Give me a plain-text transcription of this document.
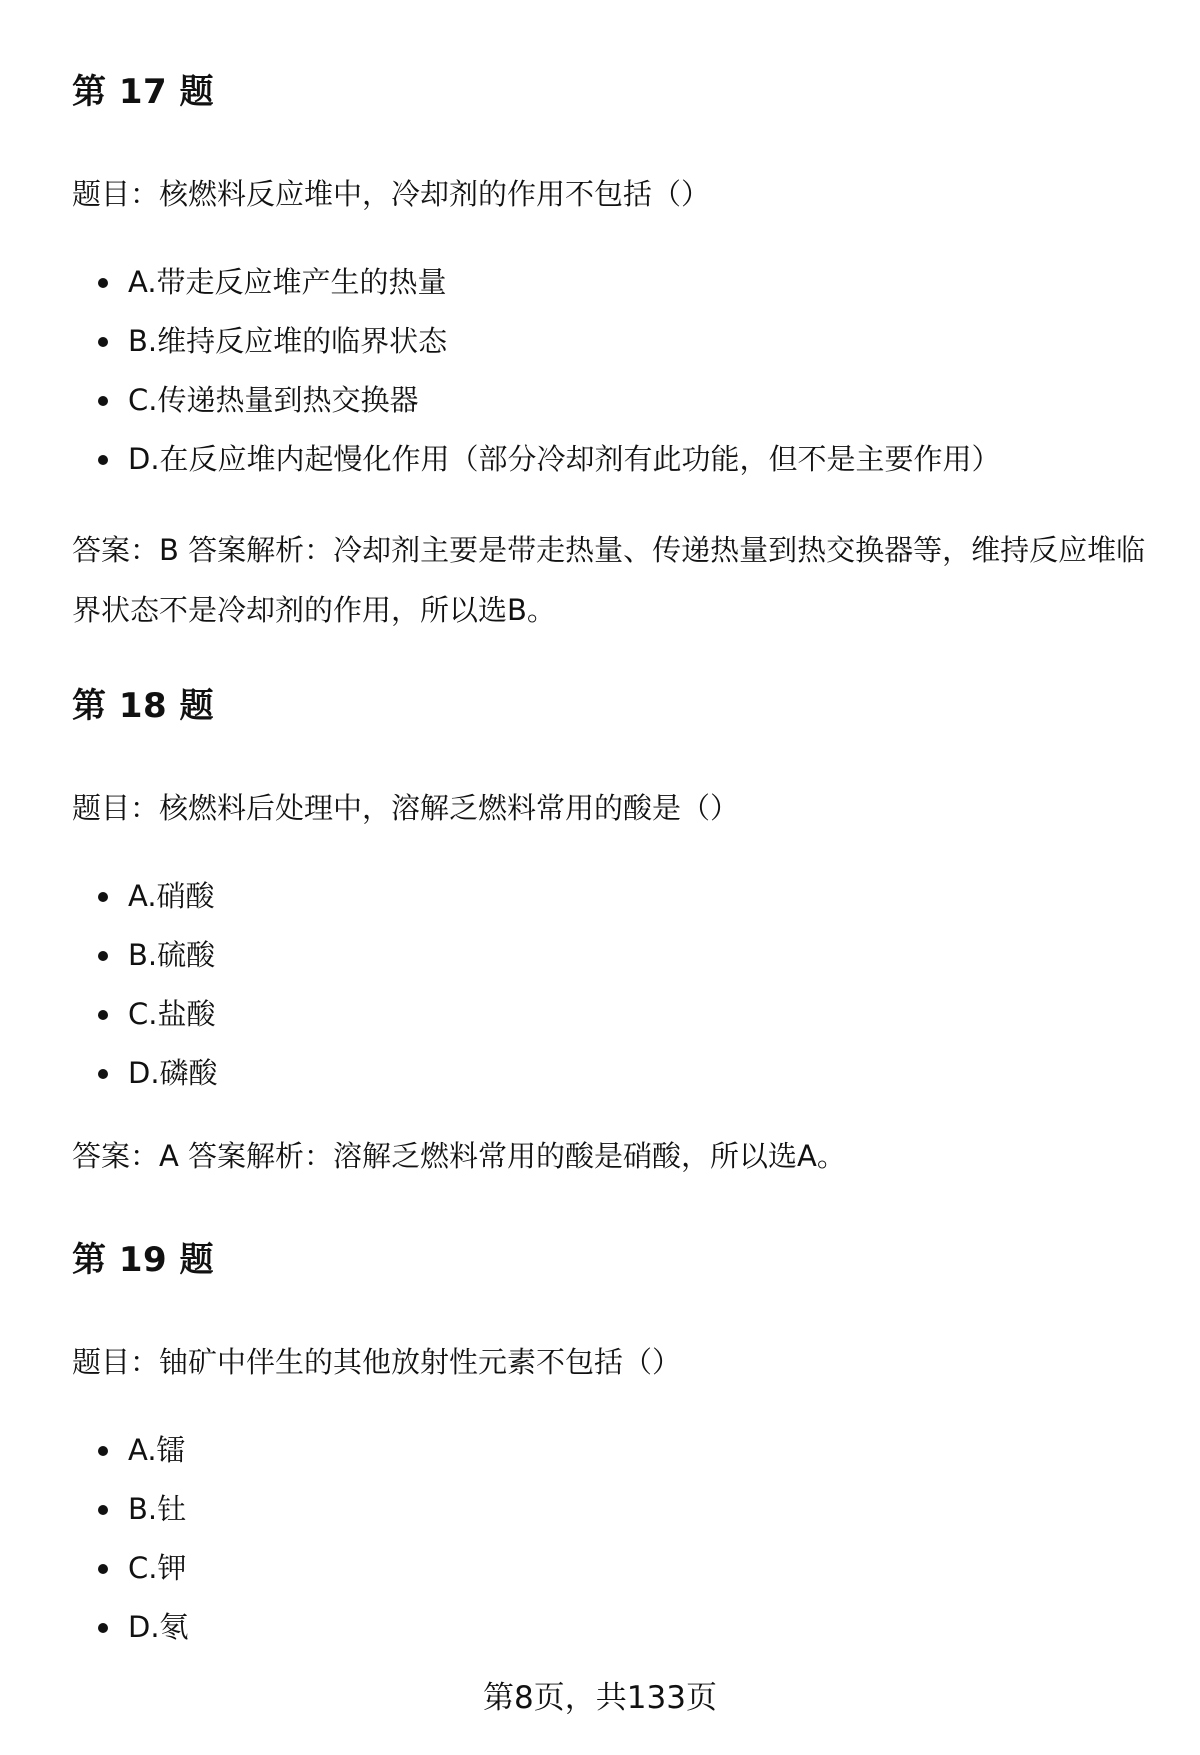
第 17 题

题目：核燃料反应堆中，冷却剂的作用不包括（）

A.带走反应堆产生的热量
B.维持反应堆的临界状态
C.传递热量到热交换器
D.在反应堆内起慢化作用（部分冷却剂有此功能，但不是主要作用）

答案：B 答案解析：冷却剂主要是带走热量、传递热量到热交换器等，维持反应堆临界状态不是冷却剂的作用，所以选B。

第 18 题

题目：核燃料后处理中，溶解乏燃料常用的酸是（）

A.硝酸
B.硫酸
C.盐酸
D.磷酸

答案：A 答案解析：溶解乏燃料常用的酸是硝酸，所以选A。

第 19 题

题目：铀矿中伴生的其他放射性元素不包括（）

A.镭
B.钍
C.钾
D.氡
第8页，共133页
